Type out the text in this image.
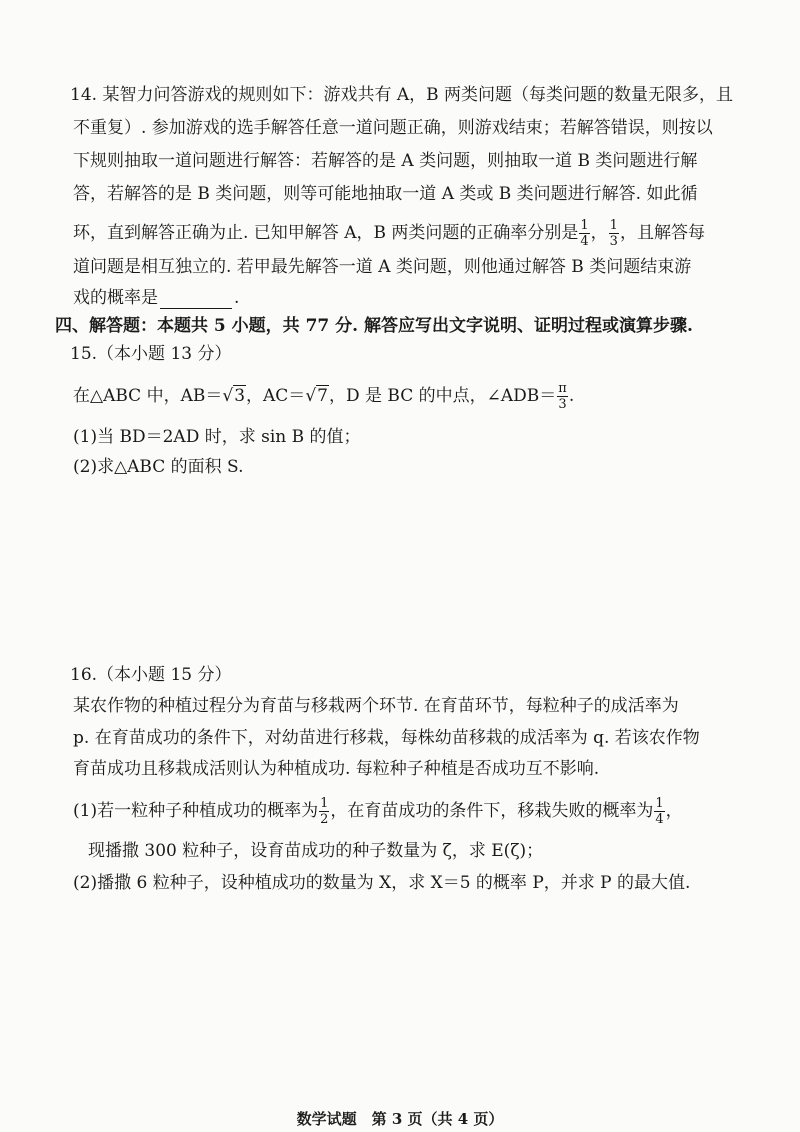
14. 某智力问答游戏的规则如下：游戏共有 A，B 两类问题（每类问题的数量无限多，且
不重复）. 参加游戏的选手解答任意一道问题正确，则游戏结束；若解答错误，则按以
下规则抽取一道问题进行解答：若解答的是 A 类问题，则抽取一道 B 类问题进行解
答，若解答的是 B 类问题，则等可能地抽取一道 A 类或 B 类问题进行解答. 如此循
环，直到解答正确为止. 已知甲解答 A，B 两类问题的正确率分别是 $\frac{1}{4}$ ， $\frac{1}{3}$ ，且解答每
道问题是相互独立的. 若甲最先解答一道 A 类问题，则他通过解答 B 类问题结束游
戏的概率是	.
四、解答题：本题共 5 小题，共 77 分. 解答应写出文字说明、证明过程或演算步骤.
15.（本小题 13 分）
在△ABC 中，AB＝√3，AC＝√7，D 是 BC 的中点，∠ADB＝ $\frac{\pi}{3}$ .
(1)当 BD＝2AD 时，求 sin B 的值；
(2)求△ABC 的面积 S.
16.（本小题 15 分）
某农作物的种植过程分为育苗与移栽两个环节. 在育苗环节，每粒种子的成活率为
p. 在育苗成功的条件下，对幼苗进行移栽，每株幼苗移栽的成活率为 q. 若该农作物
育苗成功且移栽成活则认为种植成功. 每粒种子种植是否成功互不影响.
(1)若一粒种子种植成功的概率为 $\frac{1}{2}$ ，在育苗成功的条件下，移栽失败的概率为 $\frac{1}{4}$ ，
现播撒 300 粒种子，设育苗成功的种子数量为 ζ，求 E(ζ)；
(2)播撒 6 粒种子，设种植成功的数量为 X，求 X＝5 的概率 P，并求 P 的最大值.
数学试题　第 3 页（共 4 页）
